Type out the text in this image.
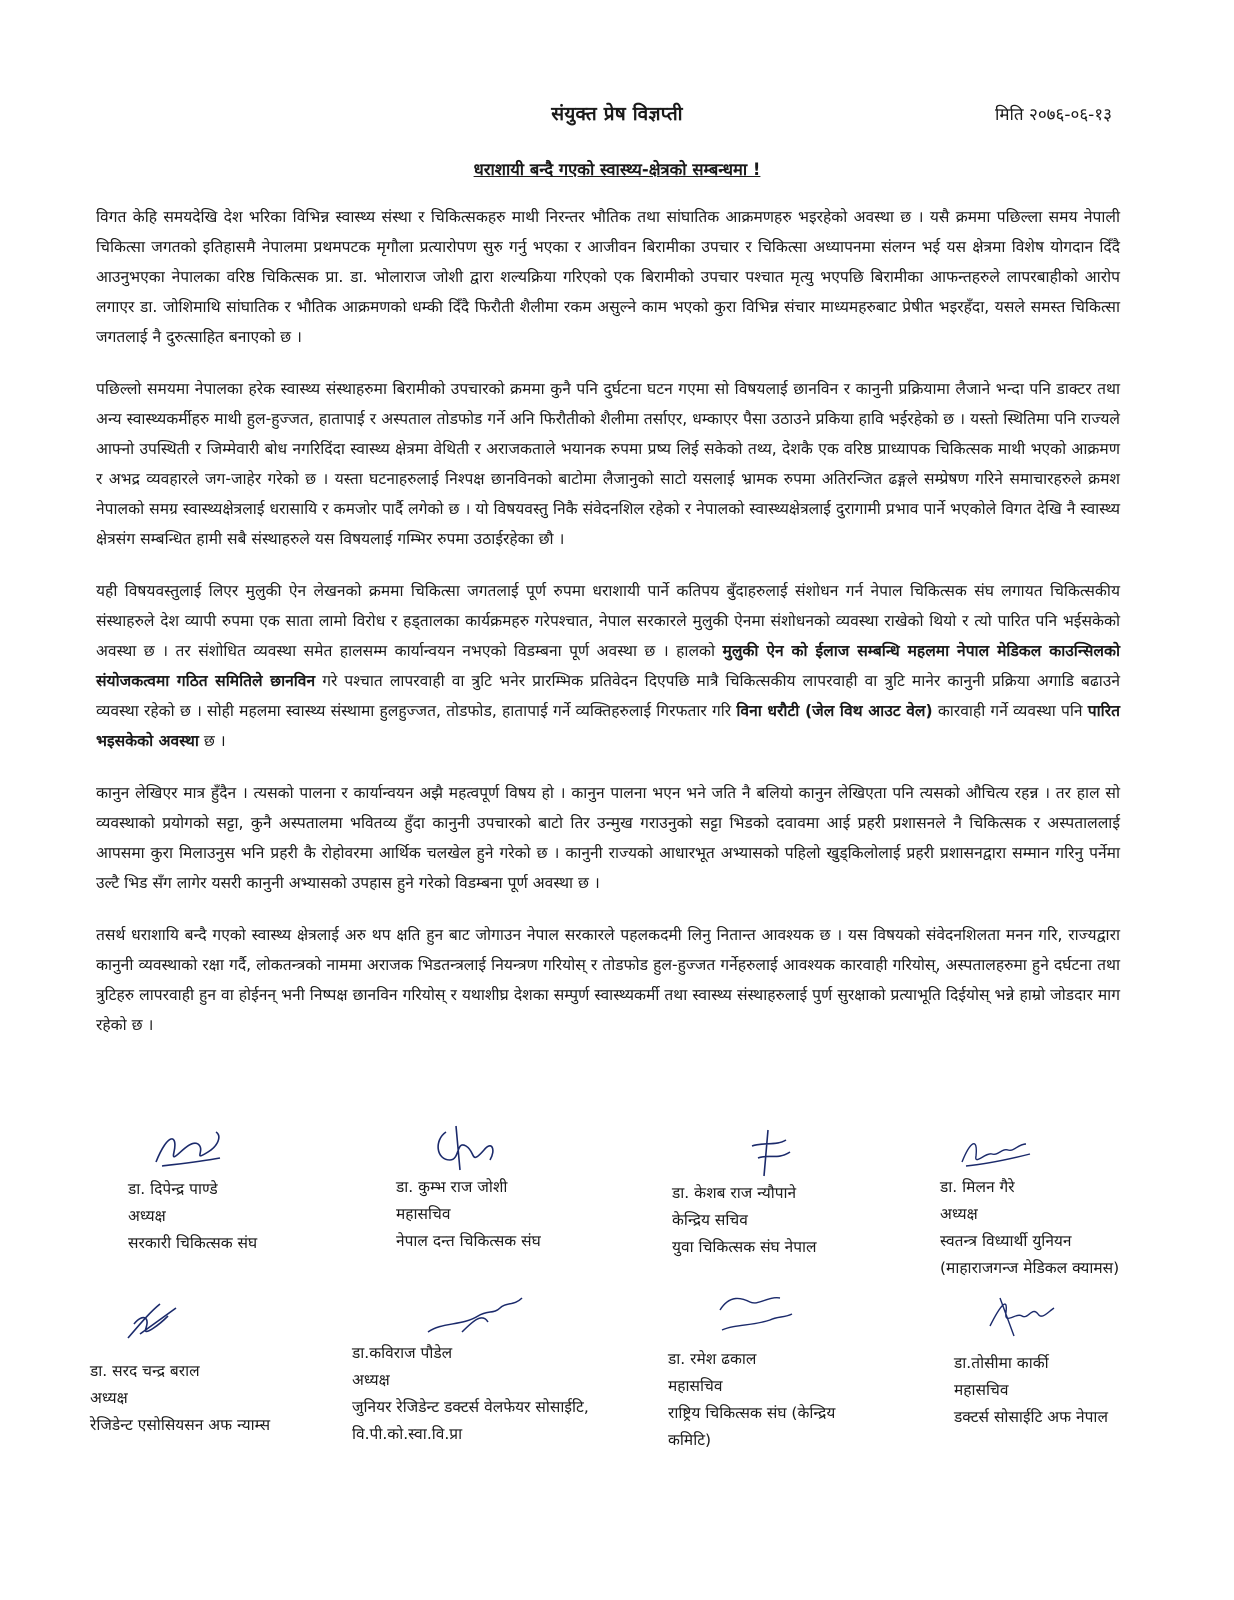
संयुक्त प्रेष विज्ञप्ती	मिति २०७६-०६-१३
धराशायी बन्दै गएको स्वास्थ्य-क्षेत्रको सम्बन्धमा !

विगत केहि समयदेखि देश भरिका विभिन्न स्वास्थ्य संस्था र चिकित्सकहरु माथी निरन्तर भौतिक तथा सांघातिक आक्रमणहरु भइरहेको अवस्था छ । यसै क्रममा पछिल्ला समय नेपाली चिकित्सा जगतको इतिहासमै नेपालमा प्रथमपटक मृगौला प्रत्यारोपण सुरु गर्नु भएका र आजीवन बिरामीका उपचार र चिकित्सा अध्यापनमा संलग्न भई यस क्षेत्रमा विशेष योगदान दिँदै आउनुभएका नेपालका वरिष्ठ चिकित्सक प्रा. डा. भोलाराज जोशी द्वारा शल्यक्रिया गरिएको एक बिरामीको उपचार पश्चात मृत्यु भएपछि बिरामीका आफन्तहरुले लापरबाहीको आरोप लगाएर डा. जोशिमाथि सांघातिक र भौतिक आक्रमणको धम्की दिँदै फिरौती शैलीमा रकम असुल्ने काम भएको कुरा विभिन्न संचार माध्यमहरुबाट प्रेषीत भइरहँदा, यसले समस्त चिकित्सा जगतलाई नै दुरुत्साहित बनाएको छ ।

पछिल्लो समयमा नेपालका हरेक स्वास्थ्य संस्थाहरुमा बिरामीको उपचारको क्रममा कुनै पनि दुर्घटना घटन गएमा सो विषयलाई छानविन र कानुनी प्रक्रियामा लैजाने भन्दा पनि डाक्टर तथा अन्य स्वास्थ्यकर्मीहरु माथी हुल-हुज्जत, हातापाई र अस्पताल तोडफोड गर्ने अनि फिरौतीको शैलीमा तर्साएर, धम्काएर पैसा उठाउने प्रकिया हावि भईरहेको छ । यस्तो स्थितिमा पनि राज्यले आफ्नो उपस्थिती र जिम्मेवारी बोध नगरिदिंदा स्वास्थ्य क्षेत्रमा वेथिती र अराजकताले भयानक रुपमा प्रष्य लिई सकेको तथ्य, देशकै एक वरिष्ठ प्राध्यापक चिकित्सक माथी भएको आक्रमण र अभद्र व्यवहारले जग-जाहेर गरेको छ । यस्ता घटनाहरुलाई निश्पक्ष छानविनको बाटोमा लैजानुको साटो यसलाई भ्रामक रुपमा अतिरन्जित ढङ्गले सम्प्रेषण गरिने समाचारहरुले क्रमश नेपालको समग्र स्वास्थ्यक्षेत्रलाई धरासायि र कमजोर पार्दै लगेको छ । यो विषयवस्तु निकै संवेदनशिल रहेको र नेपालको स्वास्थ्यक्षेत्रलाई दुरागामी प्रभाव पार्ने भएकोले विगत देखि नै स्वास्थ्य क्षेत्रसंग सम्बन्धित हामी सबै संस्थाहरुले यस विषयलाई गम्भिर रुपमा उठाईरहेका छौ ।

यही विषयवस्तुलाई लिएर मुलुकी ऐन लेखनको क्रममा चिकित्सा जगतलाई पूर्ण रुपमा धराशायी पार्ने कतिपय बुँदाहरुलाई संशोधन गर्न नेपाल चिकित्सक संघ लगायत चिकित्सकीय संस्थाहरुले देश व्यापी रुपमा एक साता लामो विरोध र हड्तालका कार्यक्रमहरु गरेपश्चात, नेपाल सरकारले मुलुकी ऐनमा संशोधनको व्यवस्था राखेको थियो र त्यो पारित पनि भईसकेको अवस्था छ । तर संशोधित व्यवस्था समेत हालसम्म कार्यान्वयन नभएको विडम्बना पूर्ण अवस्था छ । हालको मुलुकी ऐन को ईलाज सम्बन्धि महलमा नेपाल मेडिकल काउन्सिलको संयोजकत्वमा गठित समितिले छानविन गरे पश्चात लापरवाही वा त्रुटि भनेर प्रारम्भिक प्रतिवेदन दिएपछि मात्रै चिकित्सकीय लापरवाही वा त्रुटि मानेर कानुनी प्रक्रिया अगाडि बढाउने व्यवस्था रहेको छ । सोही महलमा स्वास्थ्य संस्थामा हुलहुज्जत, तोडफोड, हातापाई गर्ने व्यक्तिहरुलाई गिरफतार गरि विना धरौटी (जेल विथ आउट वेल) कारवाही गर्ने व्यवस्था पनि पारित भइसकेको अवस्था छ ।

कानुन लेखिएर मात्र हुँदैन । त्यसको पालना र कार्यान्वयन अझै महत्वपूर्ण विषय हो । कानुन पालना भएन भने जति नै बलियो कानुन लेखिएता पनि त्यसको औचित्य रहन्न । तर हाल सो व्यवस्थाको प्रयोगको सट्टा, कुनै अस्पतालमा भवितव्य हुँदा कानुनी उपचारको बाटो तिर उन्मुख गराउनुको सट्टा भिडको दवावमा आई प्रहरी प्रशासनले नै चिकित्सक र अस्पताललाई आपसमा कुरा मिलाउनुस भनि प्रहरी कै रोहोवरमा आर्थिक चलखेल हुने गरेको छ । कानुनी राज्यको आधारभूत अभ्यासको पहिलो खुड्किलोलाई प्रहरी प्रशासनद्वारा सम्मान गरिनु पर्नेमा उल्टै भिड सँग लागेर यसरी कानुनी अभ्यासको उपहास हुने गरेको विडम्बना पूर्ण अवस्था छ ।

तसर्थ धराशायि बन्दै गएको स्वास्थ्य क्षेत्रलाई अरु थप क्षति हुन बाट जोगाउन नेपाल सरकारले पहलकदमी लिनु नितान्त आवश्यक छ । यस विषयको संवेदनशिलता मनन गरि, राज्यद्वारा कानुनी व्यवस्थाको रक्षा गर्दै, लोकतन्त्रको नाममा अराजक भिडतन्त्रलाई नियन्त्रण गरियोस् र तोडफोड हुल-हुज्जत गर्नेहरुलाई आवश्यक कारवाही गरियोस्, अस्पतालहरुमा हुने दर्घटना तथा त्रुटिहरु लापरवाही हुन वा होईनन् भनी निष्पक्ष छानविन गरियोस् र यथाशीघ्र देशका सम्पुर्ण स्वास्थ्यकर्मी तथा स्वास्थ्य संस्थाहरुलाई पुर्ण सुरक्षाको प्रत्याभूति दिईयोस् भन्ने हाम्रो जोडदार माग रहेको छ ।

डा. दिपेन्द्र पाण्डे
अध्यक्ष
सरकारी चिकित्सक संघ
डा. कुम्भ राज जोशी
महासचिव
नेपाल दन्त चिकित्सक संघ
डा. केशब राज न्यौपाने
केन्द्रिय सचिव
युवा चिकित्सक संघ नेपाल
डा. मिलन गैरे
अध्यक्ष
स्वतन्त्र विध्यार्थी युनियन
(माहाराजगन्ज मेडिकल क्यामस)
डा. सरद चन्द्र बराल
अध्यक्ष
रेजिडेन्ट एसोसियसन अफ न्याम्स
डा.कविराज पौडेल
अध्यक्ष
जुनियर रेजिडेन्ट डक्टर्स वेलफेयर सोसाईटि,
वि.पी.को.स्वा.वि.प्रा
डा. रमेश ढकाल
महासचिव
राष्ट्रिय चिकित्सक संघ (केन्द्रिय
कमिटि)
डा.तोसीमा कार्की
महासचिव
डक्टर्स सोसाईटि अफ नेपाल
